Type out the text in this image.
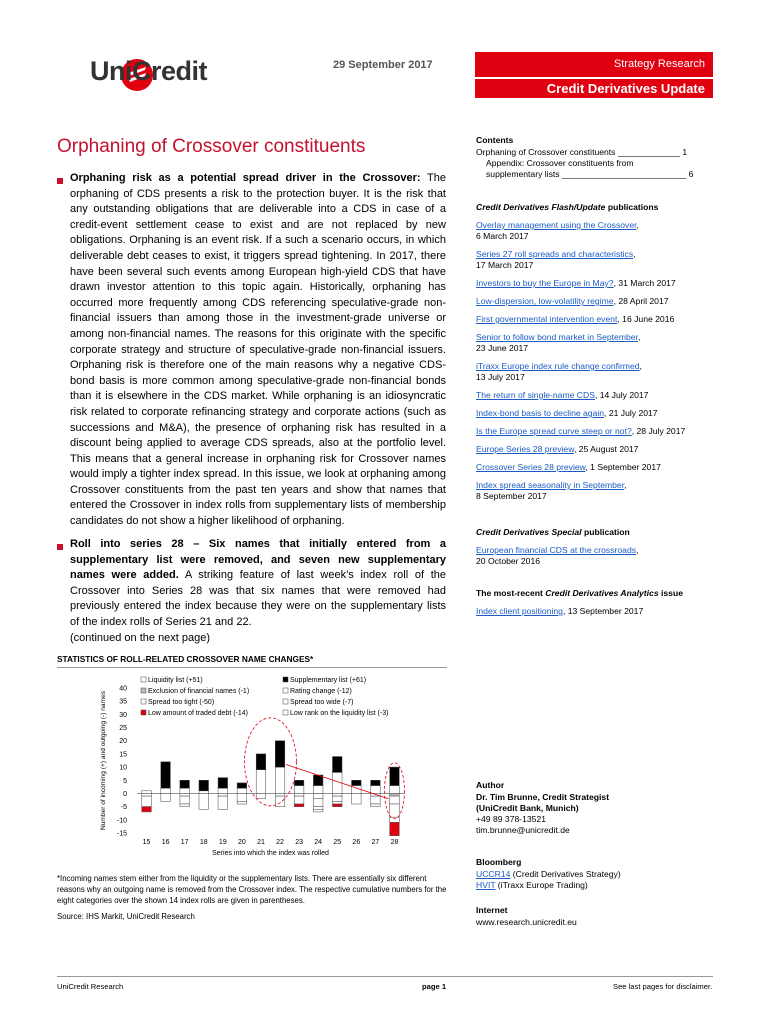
UniCredit	29 September 2017	Strategy Research
Credit Derivatives Update
Orphaning of Crossover constituents
Orphaning risk as a potential spread driver in the Crossover: The orphaning of CDS presents a risk to the protection buyer. It is the risk that any outstanding obligations that are deliverable into a CDS in case of a credit-event settlement cease to exist and are not replaced by new obligations. Orphaning is an event risk. If a such a scenario occurs, in which deliverable debt ceases to exist, it triggers spread tightening. In 2017, there have been several such events among European high-yield CDS that have drawn investor attention to this topic again. Historically, orphaning has occurred more frequently among CDS referencing speculative-grade non-financial issuers than among those in the investment-grade universe or among non-financial names. The reasons for this originate with the specific corporate strategy and structure of speculative-grade non-financial issuers. Orphaning risk is therefore one of the main reasons why a negative CDS-bond basis is more common among speculative-grade non-financial bonds than it is elsewhere in the CDS market. While orphaning is an idiosyncratic risk related to corporate refinancing strategy and corporate actions (such as successions and M&A), the presence of orphaning risk has resulted in a discount being applied to average CDS spreads, also at the portfolio level. This means that a general increase in orphaning risk for Crossover names would imply a tighter index spread. In this issue, we look at orphaning among Crossover constituents from the past ten years and show that names that entered the Crossover in index rolls from supplementary lists of membership candidates do not show a higher likelihood of orphaning.
Roll into series 28 – Six names that initially entered from a supplementary list were removed, and seven new supplementary names were added. A striking feature of last week’s index roll of the Crossover into Series 28 was that six names that were removed had previously entered the index because they were on the supplementary lists of the index rolls of Series 21 and 22.
(continued on the next page)
STATISTICS OF ROLL-RELATED CROSSOVER NAME CHANGES*
Number of incoming (+) and outgoing (-) names
-15
-10
-5
0
5
10
15
20
25
30
35
40
15 16 17 18 19 20 21 22 23 24 25 26 27 28
Series into which the index was rolled
Liquidity list (+51)	Supplementary list (+61)
Exclusion of financial names (-1)	Rating change (-12)
Spread too tight (-50)	Spread too wide (-7)
Low amount of traded debt (-14)	Low rank on the liquidity list (-3)
*Incoming names stem either from the liquidity or the supplementary lists. There are essentially six different reasons why an outgoing name is removed from the Crossover index. The respective cumulative numbers for the eight categories over the shown 14 index rolls are given in parentheses.
Source: IHS Markit, UniCredit Research
Contents
Orphaning of Crossover constituents _____________ 1
Appendix: Crossover constituents from
supplementary lists __________________________ 6
Credit Derivatives Flash/Update publications
Overlay management using the Crossover,
6 March 2017
Series 27 roll spreads and characteristics,
17 March 2017
Investors to buy the Europe in May?, 31 March 2017
Low-dispersion, low-volatility regime, 28 April 2017
First governmental intervention event, 16 June 2016
Senior to follow bond market in September,
23 June 2017
iTraxx Europe index rule change confirmed,
13 July 2017
The return of single-name CDS, 14 July 2017
Index-bond basis to decline again, 21 July 2017
Is the Europe spread curve steep or not?, 28 July 2017
Europe Series 28 preview, 25 August 2017
Crossover Series 28 preview, 1 September 2017
Index spread seasonality in September,
8 September 2017
Credit Derivatives Special publication
European financial CDS at the crossroads,
20 October 2016
The most-recent Credit Derivatives Analytics issue
Index client positioning, 13 September 2017
Author
Dr. Tim Brunne, Credit Strategist
(UniCredit Bank, Munich)
+49 89 378-13521
tim.brunne@unicredit.de
Bloomberg
UCCR14 (Credit Derivatives Strategy)
HVIT (iTraxx Europe Trading)
Internet
www.research.unicredit.eu
UniCredit Research	page 1	See last pages for disclaimer.
